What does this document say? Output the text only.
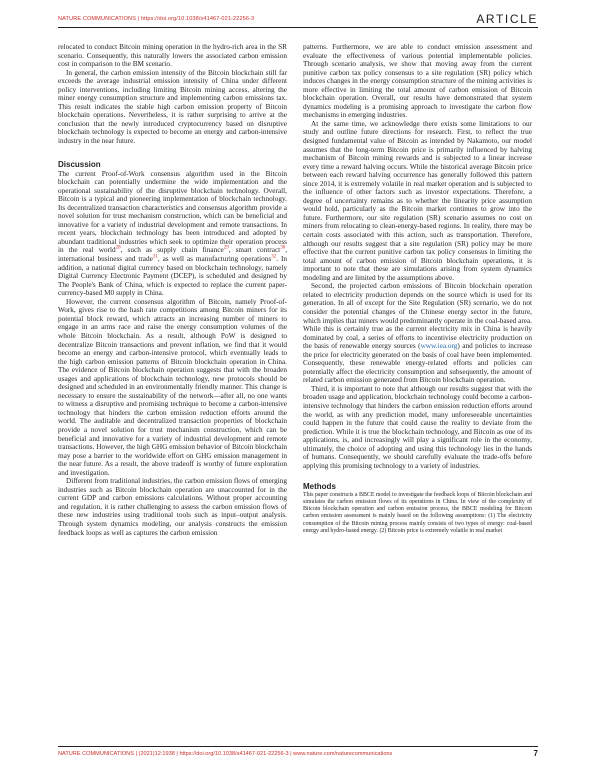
NATURE COMMUNICATIONS | https://doi.org/10.1038/s41467-021-22256-3	ARTICLE

relocated to conduct Bitcoin mining operation in the hydro-rich area in the SR scenario. Consequently, this naturally lowers the associated carbon emission cost in comparison to the BM scenario.

In general, the carbon emission intensity of the Bitcoin blockchain still far exceeds the average industrial emission intensity of China under different policy interventions, including limiting Bitcoin mining access, altering the miner energy consumption structure and implementing carbon emissions tax. This result indicates the stable high carbon emission property of Bitcoin blockchain operations. Nevertheless, it is rather surprising to arrive at the conclusion that the newly introduced cryptocurrency based on disruptive blockchain technology is expected to become an energy and carbon-intensive industry in the near future.

Discussion

The current Proof-of-Work consensus algorithm used in the Bitcoin blockchain can potentially undermine the wide implementation and the operational sustainability of the disruptive blockchain technology. Overall, Bitcoin is a typical and pioneering implementation of blockchain technology. Its decentralized transaction characteristics and consensus algorithm provide a novel solution for trust mechanism construction, which can be beneficial and innovative for a variety of industrial development and remote transactions. In recent years, blockchain technology has been introduced and adopted by abundant traditional industries which seek to optimize their operation process in the real world$^{28}$, such as supply chain finance$^{29}$, smart contract$^{30}$, international business and trade$^{31}$, as well as manufacturing operations$^{32}$. In addition, a national digital currency based on blockchain technology, namely Digital Currency Electronic Payment (DCEP), is scheduled and designed by The People's Bank of China, which is expected to replace the current paper-currency-based M0 supply in China.

However, the current consensus algorithm of Bitcoin, namely Proof-of-Work, gives rise to the hash rate competitions among Bitcoin miners for its potential block reward, which attracts an increasing number of miners to engage in an arms race and raise the energy consumption volumes of the whole Bitcoin blockchain. As a result, although PoW is designed to decentralize Bitcoin transactions and prevent inflation, we find that it would become an energy and carbon-intensive protocol, which eventually leads to the high carbon emission patterns of Bitcoin blockchain operation in China. The evidence of Bitcoin blockchain operation suggests that with the broaden usages and applications of blockchain technology, new protocols should be designed and scheduled in an environmentally friendly manner. This change is necessary to ensure the sustainability of the network—after all, no one wants to witness a disruptive and promising technique to become a carbon-intensive technology that hinders the carbon emission reduction efforts around the world. The auditable and decentralized transaction properties of blockchain provide a novel solution for trust mechanism construction, which can be beneficial and innovative for a variety of industrial development and remote transactions. However, the high GHG emission behavior of Bitcoin blockchain may pose a barrier to the worldwide effort on GHG emission management in the near future. As a result, the above tradeoff is worthy of future exploration and investigation.

Different from traditional industries, the carbon emission flows of emerging industries such as Bitcoin blockchain operation are unaccounted for in the current GDP and carbon emissions calculations. Without proper accounting and regulation, it is rather challenging to assess the carbon emission flows of these new industries using traditional tools such as input–output analysis. Through system dynamics modeling, our analysis constructs the emission feedback loops as well as captures the carbon emission

patterns. Furthermore, we are able to conduct emission assessment and evaluate the effectiveness of various potential implementable policies. Through scenario analysis, we show that moving away from the current punitive carbon tax policy consensus to a site regulation (SR) policy which induces changes in the energy consumption structure of the mining activities is more effective in limiting the total amount of carbon emission of Bitcoin blockchain operation. Overall, our results have demonstrated that system dynamics modeling is a promising approach to investigate the carbon flow mechanisms in emerging industries.

At the same time, we acknowledge there exists some limitations to our study and outline future directions for research. First, to reflect the true designed fundamental value of Bitcoin as intended by Nakamoto, our model assumes that the long-term Bitcoin price is primarily influenced by halving mechanism of Bitcoin mining rewards and is subjected to a linear increase every time a reward halving occurs. While the historical average Bitcoin price between each reward halving occurrence has generally followed this pattern since 2014, it is extremely volatile in real market operation and is subjected to the influence of other factors such as investor expectations. Therefore, a degree of uncertainty remains as to whether the linearity price assumption would hold, particularly as the Bitcoin market continues to grow into the future. Furthermore, our site regulation (SR) scenario assumes no cost on miners from relocating to clean-energy-based regions. In reality, there may be certain costs associated with this action, such as transportation. Therefore, although our results suggest that a site regulation (SR) policy may be more effective that the current punitive carbon tax policy consensus in limiting the total amount of carbon emission of Bitcoin blockchain operations, it is important to note that these are simulations arising from system dynamics modeling and are limited by the assumptions above.

Second, the projected carbon emissions of Bitcoin blockchain operation related to electricity production depends on the source which is used for its generation. In all of except for the Site Regulation (SR) scenario, we do not consider the potential changes of the Chinese energy sector in the future, which implies that miners would predominantly operate in the coal-based area. While this is certainly true as the current electricity mix in China is heavily dominated by coal, a series of efforts to incentivise electricity production on the basis of renewable energy sources (www.iea.org) and policies to increase the price for electricity generated on the basis of coal have been implemented. Consequently, these renewable energy-related efforts and policies can potentially affect the electricity consumption and subsequently, the amount of related carbon emission generated from Bitcoin blockchain operation.

Third, it is important to note that although our results suggest that with the broaden usage and application, blockchain technology could become a carbon-intensive technology that hinders the carbon emission reduction efforts around the world, as with any prediction model, many unforeseeable uncertainties could happen in the future that could cause the reality to deviate from the prediction. While it is true the blockchain technology, and Bitcoin as one of its applications, is, and increasingly will play a significant role in the economy, ultimately, the choice of adopting and using this technology lies in the hands of humans. Consequently, we should carefully evaluate the trade-offs before applying this promising technology to a variety of industries.

Methods

This paper constructs a BBCE model to investigate the feedback loops of Bitcoin blockchain and simulates the carbon emission flows of its operations in China. In view of the complexity of Bitcoin blockchain operation and carbon emission process, the BBCE modeling for Bitcoin carbon emission assessment is mainly based on the following assumptions: (1) The electricity consumption of the Bitcoin mining process mainly consists of two types of energy: coal-based energy and hydro-based energy. (2) Bitcoin price is extremely volatile in real market

NATURE COMMUNICATIONS | (2021)12:1938 | https://doi.org/10.1038/s41467-021-22256-3 | www.nature.com/naturecommunications	7
